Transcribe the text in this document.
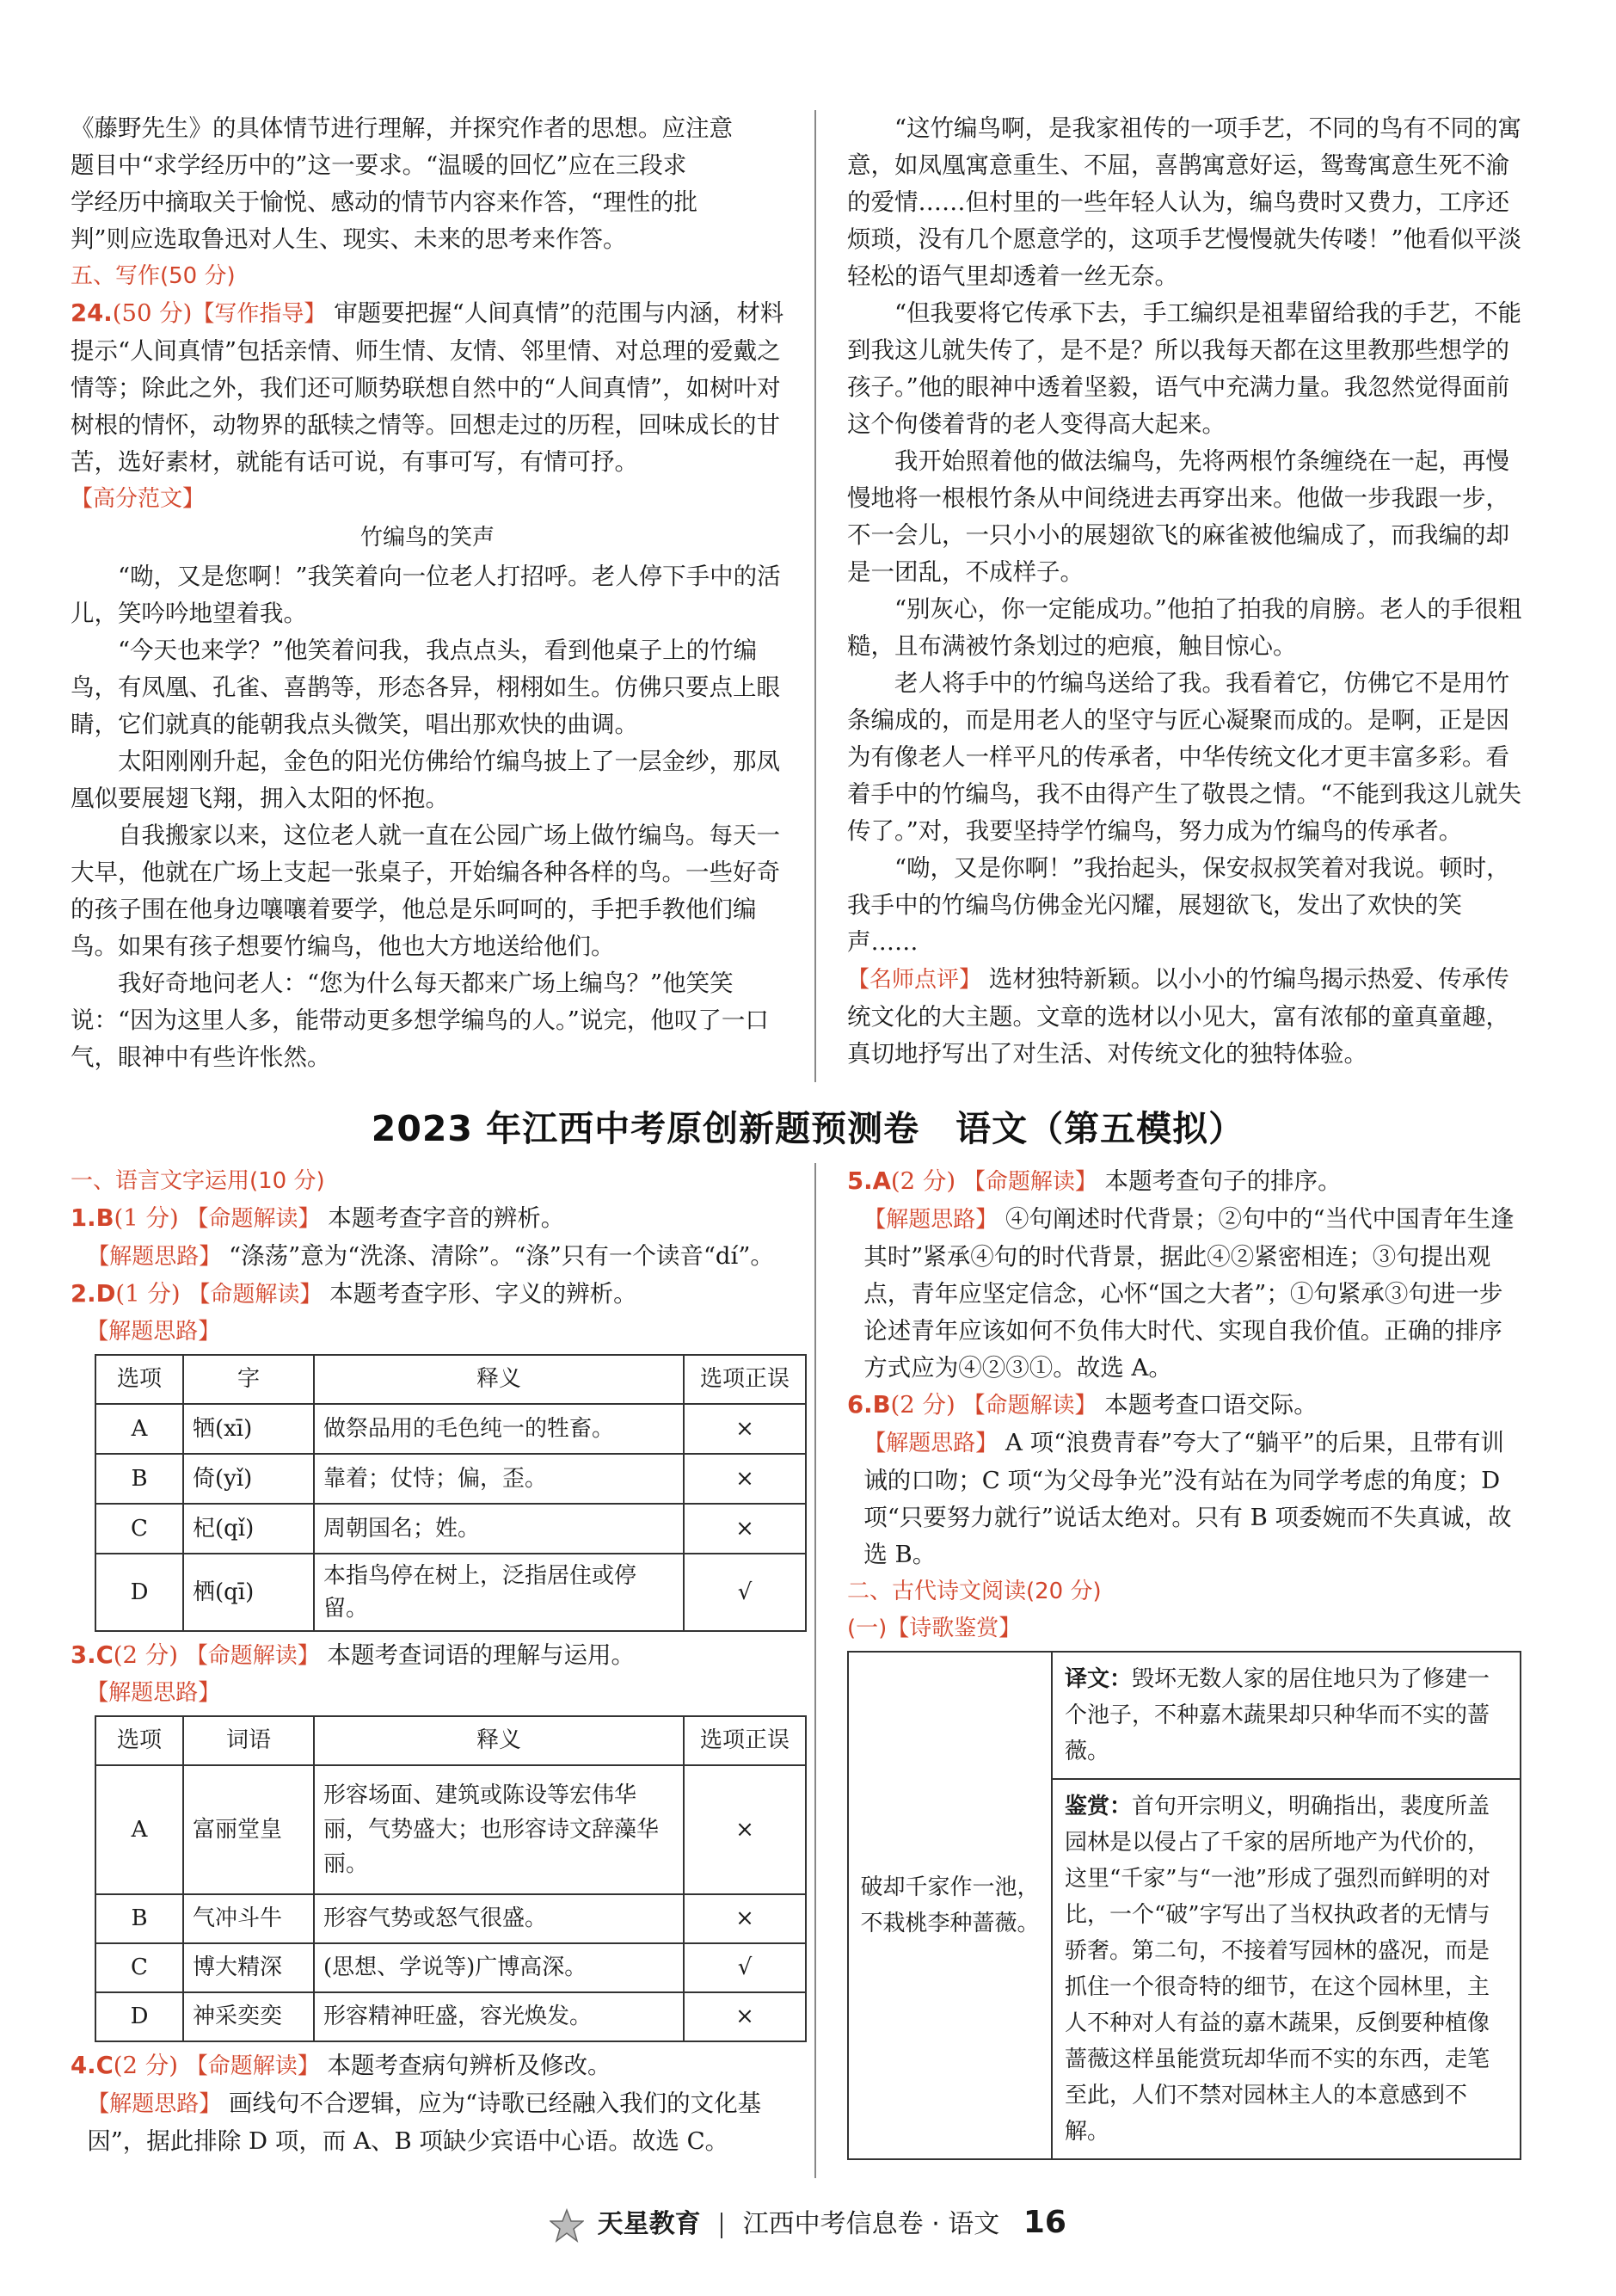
《藤野先生》的具体情节进行理解，并探究作者的思想。应注意

题目中“求学经历中的”这一要求。“温暖的回忆”应在三段求

学经历中摘取关于愉悦、感动的情节内容来作答，“理性的批

判”则应选取鲁迅对人生、现实、未来的思考来作答。

五、写作(50 分)

24.(50 分)【写作指导】 审题要把握“人间真情”的范围与内涵，材料提示“人间真情”包括亲情、师生情、友情、邻里情、对总理的爱戴之情等；除此之外，我们还可顺势联想自然中的“人间真情”，如树叶对树根的情怀，动物界的舐犊之情等。回想走过的历程，回味成长的甘苦，选好素材，就能有话可说，有事可写，有情可抒。

【高分范文】

竹编鸟的笑声

“呦，又是您啊！”我笑着向一位老人打招呼。老人停下手中的活儿，笑吟吟地望着我。

“今天也来学？”他笑着问我，我点点头，看到他桌子上的竹编鸟，有凤凰、孔雀、喜鹊等，形态各异，栩栩如生。仿佛只要点上眼睛，它们就真的能朝我点头微笑，唱出那欢快的曲调。

太阳刚刚升起，金色的阳光仿佛给竹编鸟披上了一层金纱，那凤凰似要展翅飞翔，拥入太阳的怀抱。

自我搬家以来，这位老人就一直在公园广场上做竹编鸟。每天一大早，他就在广场上支起一张桌子，开始编各种各样的鸟。一些好奇的孩子围在他身边嚷嚷着要学，他总是乐呵呵的，手把手教他们编鸟。如果有孩子想要竹编鸟，他也大方地送给他们。

我好奇地问老人：“您为什么每天都来广场上编鸟？”他笑笑说：“因为这里人多，能带动更多想学编鸟的人。”说完，他叹了一口气，眼神中有些许怅然。

“这竹编鸟啊，是我家祖传的一项手艺，不同的鸟有不同的寓意，如凤凰寓意重生、不屈，喜鹊寓意好运，鸳鸯寓意生死不渝的爱情……但村里的一些年轻人认为，编鸟费时又费力，工序还烦琐，没有几个愿意学的，这项手艺慢慢就失传喽！”他看似平淡轻松的语气里却透着一丝无奈。

“但我要将它传承下去，手工编织是祖辈留给我的手艺，不能到我这儿就失传了，是不是？所以我每天都在这里教那些想学的孩子。”他的眼神中透着坚毅，语气中充满力量。我忽然觉得面前这个佝偻着背的老人变得高大起来。

我开始照着他的做法编鸟，先将两根竹条缠绕在一起，再慢慢地将一根根竹条从中间绕进去再穿出来。他做一步我跟一步，不一会儿，一只小小的展翅欲飞的麻雀被他编成了，而我编的却是一团乱，不成样子。

“别灰心，你一定能成功。”他拍了拍我的肩膀。老人的手很粗糙，且布满被竹条划过的疤痕，触目惊心。

老人将手中的竹编鸟送给了我。我看着它，仿佛它不是用竹条编成的，而是用老人的坚守与匠心凝聚而成的。是啊，正是因为有像老人一样平凡的传承者，中华传统文化才更丰富多彩。看着手中的竹编鸟，我不由得产生了敬畏之情。“不能到我这儿就失传了。”对，我要坚持学竹编鸟，努力成为竹编鸟的传承者。

“呦，又是你啊！”我抬起头，保安叔叔笑着对我说。顿时，我手中的竹编鸟仿佛金光闪耀，展翅欲飞，发出了欢快的笑声……

【名师点评】 选材独特新颖。以小小的竹编鸟揭示热爱、传承传统文化的大主题。文章的选材以小见大，富有浓郁的童真童趣，真切地抒写出了对生活、对传统文化的独特体验。

2023 年江西中考原创新题预测卷　语文（第五模拟）

一、语言文字运用(10 分)

1.B(1 分) 【命题解读】 本题考查字音的辨析。

【解题思路】 “涤荡”意为“洗涤、清除”。“涤”只有一个读音“dí”。

2.D(1 分) 【命题解读】 本题考查字形、字义的辨析。

【解题思路】

选项	字	释义	选项正误
A	牺(xī)	做祭品用的毛色纯一的牲畜。	×
B	倚(yǐ)	靠着；仗恃；偏，歪。	×
C	杞(qǐ)	周朝国名；姓。	×
D	栖(qī)	本指鸟停在树上，泛指居住或停留。	√

3.C(2 分) 【命题解读】 本题考查词语的理解与运用。

【解题思路】

选项	词语	释义	选项正误
A	富丽堂皇	形容场面、建筑或陈设等宏伟华丽，气势盛大；也形容诗文辞藻华丽。	×
B	气冲斗牛	形容气势或怒气很盛。	×
C	博大精深	(思想、学说等)广博高深。	√
D	神采奕奕	形容精神旺盛，容光焕发。	×

4.C(2 分) 【命题解读】 本题考查病句辨析及修改。

【解题思路】 画线句不合逻辑，应为“诗歌已经融入我们的文化基因”，据此排除 D 项，而 A、B 项缺少宾语中心语。故选 C。

5.A(2 分) 【命题解读】 本题考查句子的排序。

【解题思路】 ④句阐述时代背景；②句中的“当代中国青年生逢其时”紧承④句的时代背景，据此④②紧密相连；③句提出观点，青年应坚定信念，心怀“国之大者”；①句紧承③句进一步论述青年应该如何不负伟大时代、实现自我价值。正确的排序方式应为④②③①。故选 A。

6.B(2 分) 【命题解读】 本题考查口语交际。

【解题思路】 A 项“浪费青春”夸大了“躺平”的后果，且带有训诫的口吻；C 项“为父母争光”没有站在为同学考虑的角度；D 项“只要努力就行”说话太绝对。只有 B 项委婉而不失真诚，故选 B。

二、古代诗文阅读(20 分)

(一)【诗歌鉴赏】

破却千家作一池，不栽桃李种蔷薇。	译文：毁坏无数人家的居住地只为了修建一个池子，不种嘉木蔬果却只种华而不实的蔷薇。
鉴赏：首句开宗明义，明确指出，裴度所盖园林是以侵占了千家的居所地产为代价的，这里“千家”与“一池”形成了强烈而鲜明的对比，一个“破”字写出了当权执政者的无情与骄奢。第二句，不接着写园林的盛况，而是抓住一个很奇特的细节，在这个园林里，主人不种对人有益的嘉木蔬果，反倒要种植像蔷薇这样虽能赏玩却华而不实的东西，走笔至此，人们不禁对园林主人的本意感到不解。
天星教育 江西中考信息卷 · 语文 16
